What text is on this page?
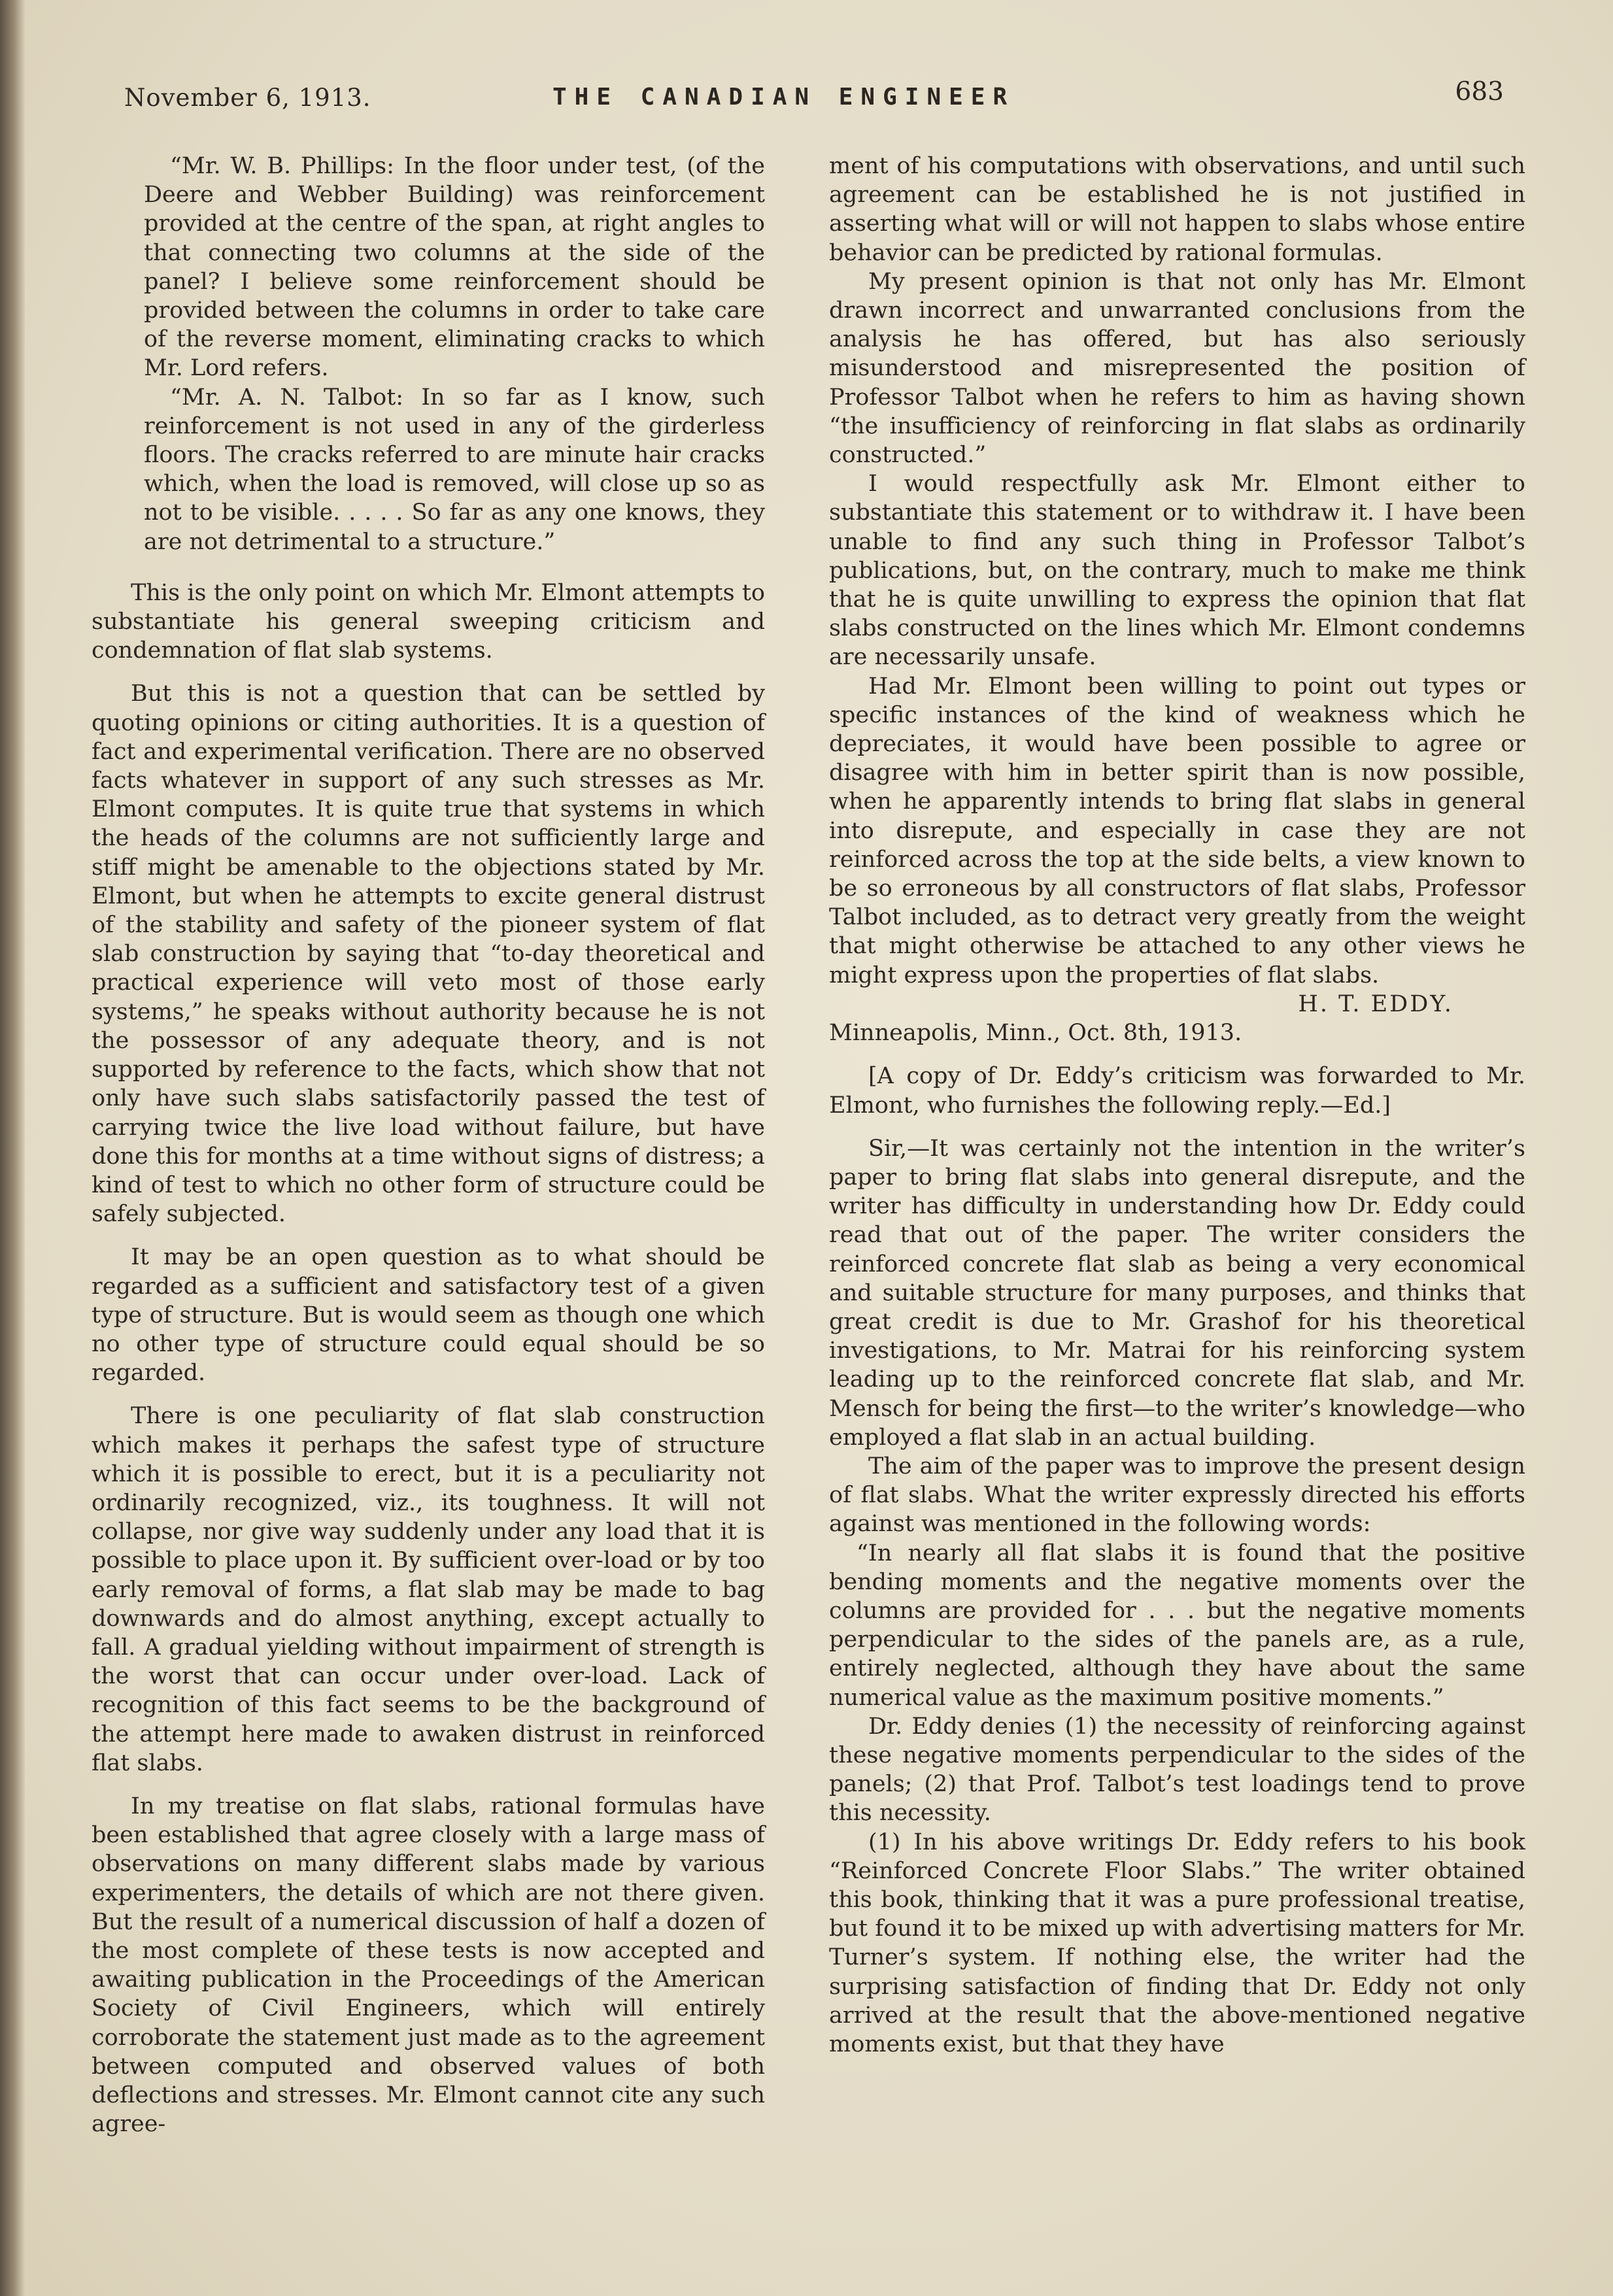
November 6, 1913.	THE CANADIAN ENGINEER	683

“Mr. W. B. Phillips: In the floor under test, (of the Deere and Webber Building) was reinforcement provided at the centre of the span, at right angles to that connecting two columns at the side of the panel? I believe some reinforcement should be provided between the columns in order to take care of the reverse moment, eliminating cracks to which Mr. Lord refers.

“Mr. A. N. Talbot: In so far as I know, such reinforcement is not used in any of the girderless floors. The cracks referred to are minute hair cracks which, when the load is removed, will close up so as not to be visible. . . . . So far as any one knows, they are not detrimental to a structure.”

This is the only point on which Mr. Elmont attempts to substantiate his general sweeping criticism and condemnation of flat slab systems.

But this is not a question that can be settled by quoting opinions or citing authorities. It is a question of fact and experimental verification. There are no observed facts whatever in support of any such stresses as Mr. Elmont computes. It is quite true that systems in which the heads of the columns are not sufficiently large and stiff might be amenable to the objections stated by Mr. Elmont, but when he attempts to excite general distrust of the stability and safety of the pioneer system of flat slab construction by saying that “to-day theoretical and practical experience will veto most of those early systems,” he speaks without authority because he is not the possessor of any adequate theory, and is not supported by reference to the facts, which show that not only have such slabs satisfactorily passed the test of carrying twice the live load without failure, but have done this for months at a time without signs of distress; a kind of test to which no other form of structure could be safely subjected.

It may be an open question as to what should be regarded as a sufficient and satisfactory test of a given type of structure. But is would seem as though one which no other type of structure could equal should be so regarded.

There is one peculiarity of flat slab construction which makes it perhaps the safest type of structure which it is possible to erect, but it is a peculiarity not ordinarily recognized, viz., its toughness. It will not collapse, nor give way suddenly under any load that it is possible to place upon it. By sufficient over-load or by too early removal of forms, a flat slab may be made to bag downwards and do almost anything, except actually to fall. A gradual yielding without impairment of strength is the worst that can occur under over-load. Lack of recognition of this fact seems to be the background of the attempt here made to awaken distrust in reinforced flat slabs.

In my treatise on flat slabs, rational formulas have been established that agree closely with a large mass of observations on many different slabs made by various experimenters, the details of which are not there given. But the result of a numerical discussion of half a dozen of the most complete of these tests is now accepted and awaiting publication in the Proceedings of the American Society of Civil Engineers, which will entirely corroborate the statement just made as to the agreement between computed and observed values of both deflections and stresses. Mr. Elmont cannot cite any such agree-

ment of his computations with observations, and until such agreement can be established he is not justified in asserting what will or will not happen to slabs whose entire behavior can be predicted by rational formulas.

My present opinion is that not only has Mr. Elmont drawn incorrect and unwarranted conclusions from the analysis he has offered, but has also seriously misunderstood and misrepresented the position of Professor Talbot when he refers to him as having shown “the insufficiency of reinforcing in flat slabs as ordinarily constructed.”

I would respectfully ask Mr. Elmont either to substantiate this statement or to withdraw it. I have been unable to find any such thing in Professor Talbot’s publications, but, on the contrary, much to make me think that he is quite unwilling to express the opinion that flat slabs constructed on the lines which Mr. Elmont condemns are necessarily unsafe.

Had Mr. Elmont been willing to point out types or specific instances of the kind of weakness which he depreciates, it would have been possible to agree or disagree with him in better spirit than is now possible, when he apparently intends to bring flat slabs in general into disrepute, and especially in case they are not reinforced across the top at the side belts, a view known to be so erroneous by all constructors of flat slabs, Professor Talbot included, as to detract very greatly from the weight that might otherwise be attached to any other views he might express upon the properties of flat slabs.

H. T. EDDY.

Minneapolis, Minn., Oct. 8th, 1913.

[A copy of Dr. Eddy’s criticism was forwarded to Mr. Elmont, who furnishes the following reply.—Ed.]

Sir,—It was certainly not the intention in the writer’s paper to bring flat slabs into general disrepute, and the writer has difficulty in understanding how Dr. Eddy could read that out of the paper. The writer considers the reinforced concrete flat slab as being a very economical and suitable structure for many purposes, and thinks that great credit is due to Mr. Grashof for his theoretical investigations, to Mr. Matrai for his reinforcing system leading up to the reinforced concrete flat slab, and Mr. Mensch for being the first—to the writer’s knowledge—who employed a flat slab in an actual building.

The aim of the paper was to improve the present design of flat slabs. What the writer expressly directed his efforts against was mentioned in the following words:

“In nearly all flat slabs it is found that the positive bending moments and the negative moments over the columns are provided for . . . but the negative moments perpendicular to the sides of the panels are, as a rule, entirely neglected, although they have about the same numerical value as the maximum positive moments.”

Dr. Eddy denies (1) the necessity of reinforcing against these negative moments perpendicular to the sides of the panels; (2) that Prof. Talbot’s test loadings tend to prove this necessity.

(1) In his above writings Dr. Eddy refers to his book “Reinforced Concrete Floor Slabs.” The writer obtained this book, thinking that it was a pure professional treatise, but found it to be mixed up with advertising matters for Mr. Turner’s system. If nothing else, the writer had the surprising satisfaction of finding that Dr. Eddy not only arrived at the result that the above-mentioned negative moments exist, but that they have
